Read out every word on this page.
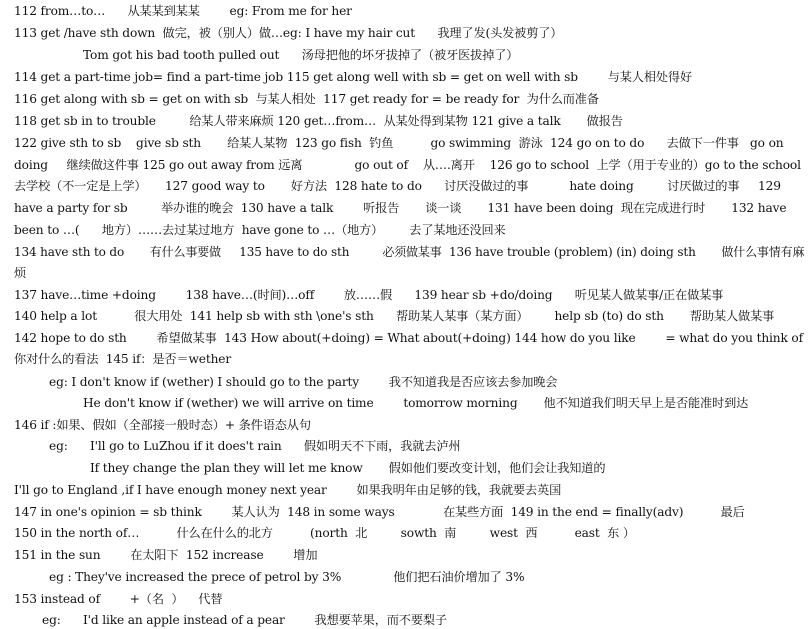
112 from…to…      从某某到某某        eg: From me for her
113 get /have sth down  做完，被（别人）做…eg: I have my hair cut      我理了发(头发被剪了）
Tom got his bad tooth pulled out      汤母把他的坏牙拔掉了（被牙医拔掉了）
114 get a part-time job= find a part-time job 115 get along well with sb = get on well with sb        与某人相处得好
116 get along with sb = get on with sb  与某人相处  117 get ready for = be ready for  为什么而准备
118 get sb in to trouble         给某人带来麻烦 120 get…from…  从某处得到某物 121 give a talk       做报告
122 give sth to sb    give sb sth       给某人某物  123 go fish  钓鱼          go swimming  游泳  124 go on to do      去做下一件事   go on
doing     继续做这件事 125 go out away from 远离              go out of    从….离开    126 go to school  上学（用于专业的）go to the school
去学校（不一定是上学）     127 good way to       好方法  128 hate to do      讨厌没做过的事           hate doing         讨厌做过的事     129
have a party for sb         举办谁的晚会  130 have a talk        听报告       谈一谈       131 have been doing  现在完成进行时       132 have
been to …(      地方）……去过某过地方  have gone to …（地方）       去了某地还没回来
134 have sth to do       有什么事要做     135 have to do sth         必须做某事  136 have trouble (problem) (in) doing sth       做什么事情有麻
烦
137 have…time +doing        138 have…(时间)…off        放……假      139 hear sb +do/doing      听见某人做某事/正在做某事
140 help a lot          很大用处  141 help sb with sth \one's sth      帮助某人某事（某方面）       help sb (to) do sth       帮助某人做某事
142 hope to do sth        希望做某事  143 How about(+doing) = What about(+doing) 144 how do you like        = what do you think of
你对什么的看法  145 if：是否＝wether
eg: I don't know if (wether) I should go to the party        我不知道我是否应该去参加晚会
He don't know if (wether) we will arrive on time        tomorrow morning       他不知道我们明天早上是否能准时到达
146 if :如果、假如（全部接一般时态）+ 条件语态从句
eg:      I'll go to LuZhou if it does't rain      假如明天不下雨，我就去泸州
If they change the plan they will let me know       假如他们要改变计划，他们会让我知道的
I'll go to England ,if I have enough money next year        如果我明年由足够的钱，我就要去英国
147 in one's opinion = sb think        某人认为  148 in some ways             在某些方面  149 in the end = finally(adv)          最后
150 in the north of…          什么在什么的北方          (north  北         sowth  南         west  西          east  东 ）
151 in the sun        在太阳下  152 increase        增加
eg : They've increased the prece of petrol by 3%              他们把石油价增加了 3%
153 instead of        +（名  ）    代替
eg:      I'd like an apple instead of a pear        我想要苹果，而不要梨子
